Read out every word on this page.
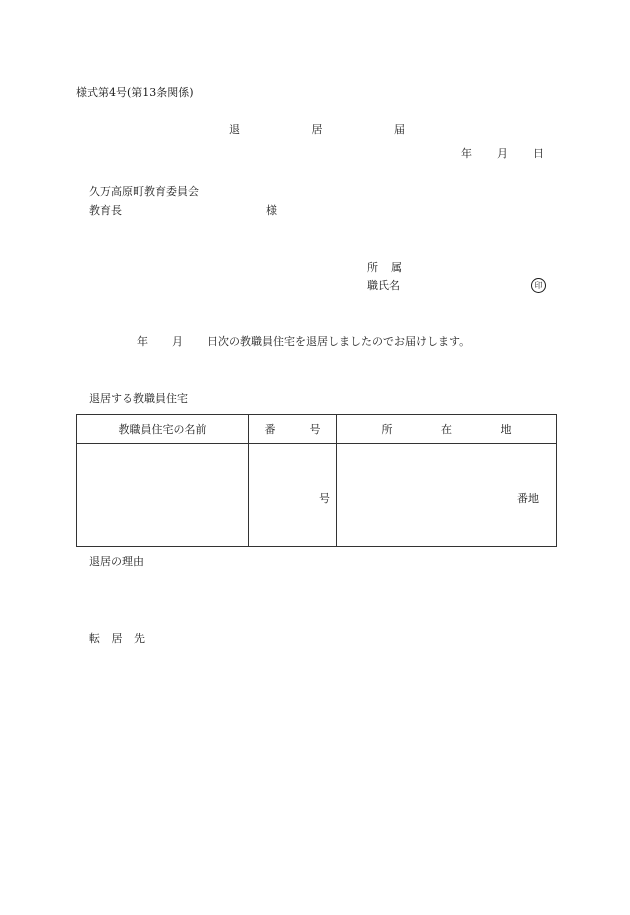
様式第4号(第13条関係)
退	居	届
年 月 日
久万高原町教育委員会
教育長	様
所 属
職氏名	印
年 月 日次の教職員住宅を退居しましたのでお届けします。
退居する教職員住宅
教職員住宅の名前	番 号	所 在 地

	号	番地
退居の理由
転 居 先
